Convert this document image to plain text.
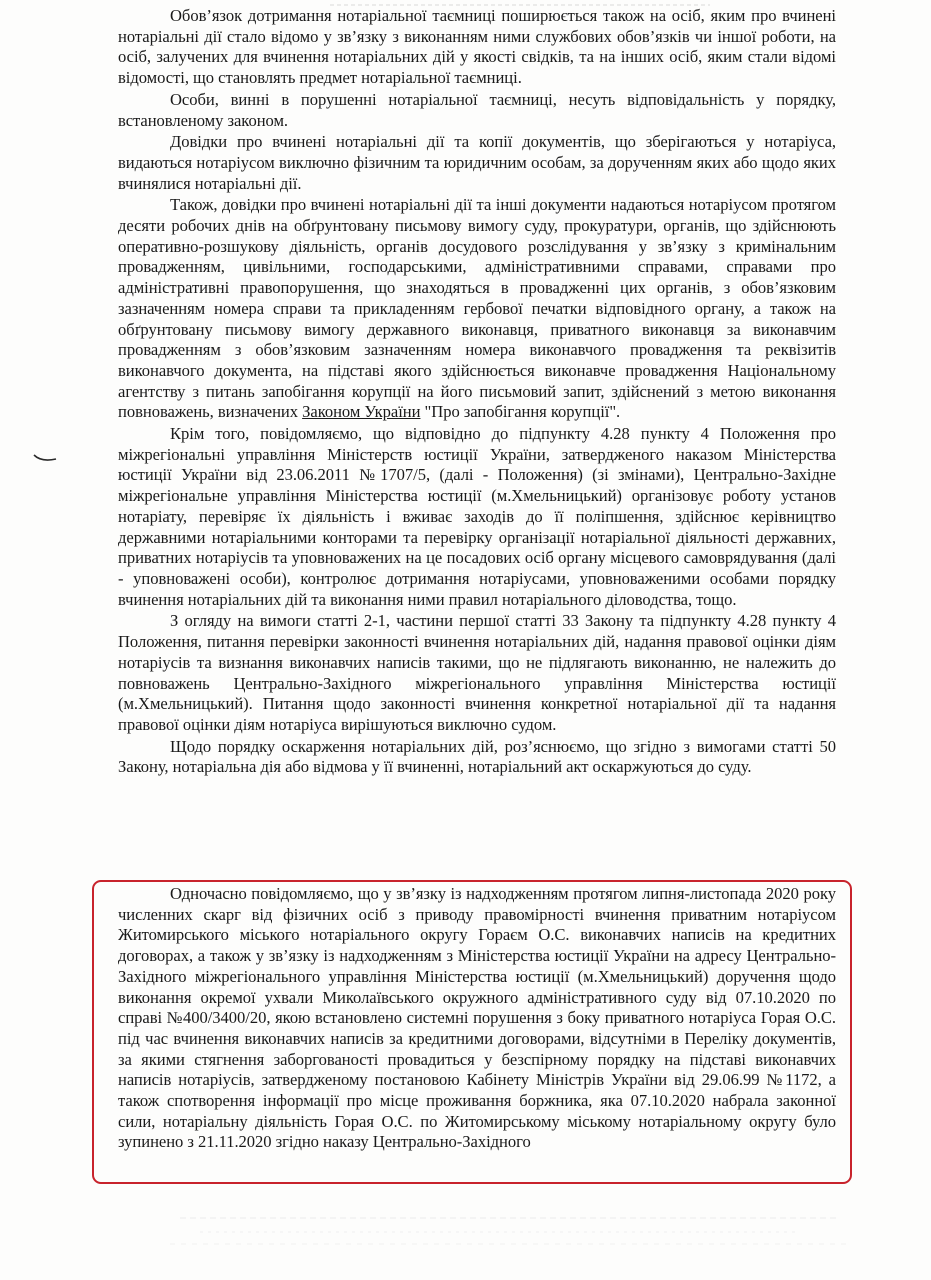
Обов’язок дотримання нотаріальної таємниці поширюється також на осіб, яким про вчинені нотаріальні дії стало відомо у зв’язку з виконанням ними службових обов’язків чи іншої роботи, на осіб, залучених для вчинення нотаріальних дій у якості свідків, та на інших осіб, яким стали відомі відомості, що становлять предмет нотаріальної таємниці.

Особи, винні в порушенні нотаріальної таємниці, несуть відповідальність у порядку, встановленому законом.

Довідки про вчинені нотаріальні дії та копії документів, що зберігаються у нотаріуса, видаються нотаріусом виключно фізичним та юридичним особам, за дорученням яких або щодо яких вчинялися нотаріальні дії.

Також, довідки про вчинені нотаріальні дії та інші документи надаються нотаріусом протягом десяти робочих днів на обґрунтовану письмову вимогу суду, прокуратури, органів, що здійснюють оперативно-розшукову діяльність, органів досудового розслідування у зв’язку з кримінальним провадженням, цивільними, господарськими, адміністративними справами, справами про адміністративні правопорушення, що знаходяться в провадженні цих органів, з обов’язковим зазначенням номера справи та прикладенням гербової печатки відповідного органу, а також на обґрунтовану письмову вимогу державного виконавця, приватного виконавця за виконавчим провадженням з обов’язковим зазначенням номера виконавчого провадження та реквізитів виконавчого документа, на підставі якого здійснюється виконавче провадження Національному агентству з питань запобігання корупції на його письмовий запит, здійснений з метою виконання повноважень, визначених Законом України "Про запобігання корупції".

Крім того, повідомляємо, що відповідно до підпункту 4.28 пункту 4 Положення про міжрегіональні управління Міністерств юстиції України, затвердженого наказом Міністерства юстиції України від 23.06.2011 №1707/5, (далі - Положення) (зі змінами), Центрально-Західне міжрегіональне управління Міністерства юстиції (м.Хмельницький) організовує роботу установ нотаріату, перевіряє їх діяльність і вживає заходів до її поліпшення, здійснює керівництво державними нотаріальними конторами та перевірку організації нотаріальної діяльності державних, приватних нотаріусів та уповноважених на це посадових осіб органу місцевого самоврядування (далі - уповноважені особи), контролює дотримання нотаріусами, уповноваженими особами порядку вчинення нотаріальних дій та виконання ними правил нотаріального діловодства, тощо.

З огляду на вимоги статті 2-1, частини першої статті 33 Закону та підпункту 4.28 пункту 4 Положення, питання перевірки законності вчинення нотаріальних дій, надання правової оцінки діям нотаріусів та визнання виконавчих написів такими, що не підлягають виконанню, не належить до повноважень Центрально-Західного міжрегіонального управління Міністерства юстиції (м.Хмельницький). Питання щодо законності вчинення конкретної нотаріальної дії та надання правової оцінки діям нотаріуса вирішуються виключно судом.

Щодо порядку оскарження нотаріальних дій, роз’яснюємо, що згідно з вимогами статті 50 Закону, нотаріальна дія або відмова у її вчиненні, нотаріальний акт оскаржуються до суду.

Одночасно повідомляємо, що у зв’язку із надходженням протягом липня-листопада 2020 року численних скарг від фізичних осіб з приводу правомірності вчинення приватним нотаріусом Житомирського міського нотаріального округу Гораєм О.С. виконавчих написів на кредитних договорах, а також у зв’язку із надходженням з Міністерства юстиції України на адресу Центрально-Західного міжрегіонального управління Міністерства юстиції (м.Хмельницький) доручення щодо виконання окремої ухвали Миколаївського окружного адміністративного суду від 07.10.2020 по справі №400/3400/20, якою встановлено системні порушення з боку приватного нотаріуса Горая О.С. під час вчинення виконавчих написів за кредитними договорами, відсутніми в Переліку документів, за якими стягнення заборгованості провадиться у безспірному порядку на підставі виконавчих написів нотаріусів, затвердженому постановою Кабінету Міністрів України від 29.06.99 №1172, а також спотворення інформації про місце проживання боржника, яка 07.10.2020 набрала законної сили, нотаріальну діяльність Горая О.С. по Житомирському міському нотаріальному округу було зупинено з 21.11.2020 згідно наказу Центрально-Західного
